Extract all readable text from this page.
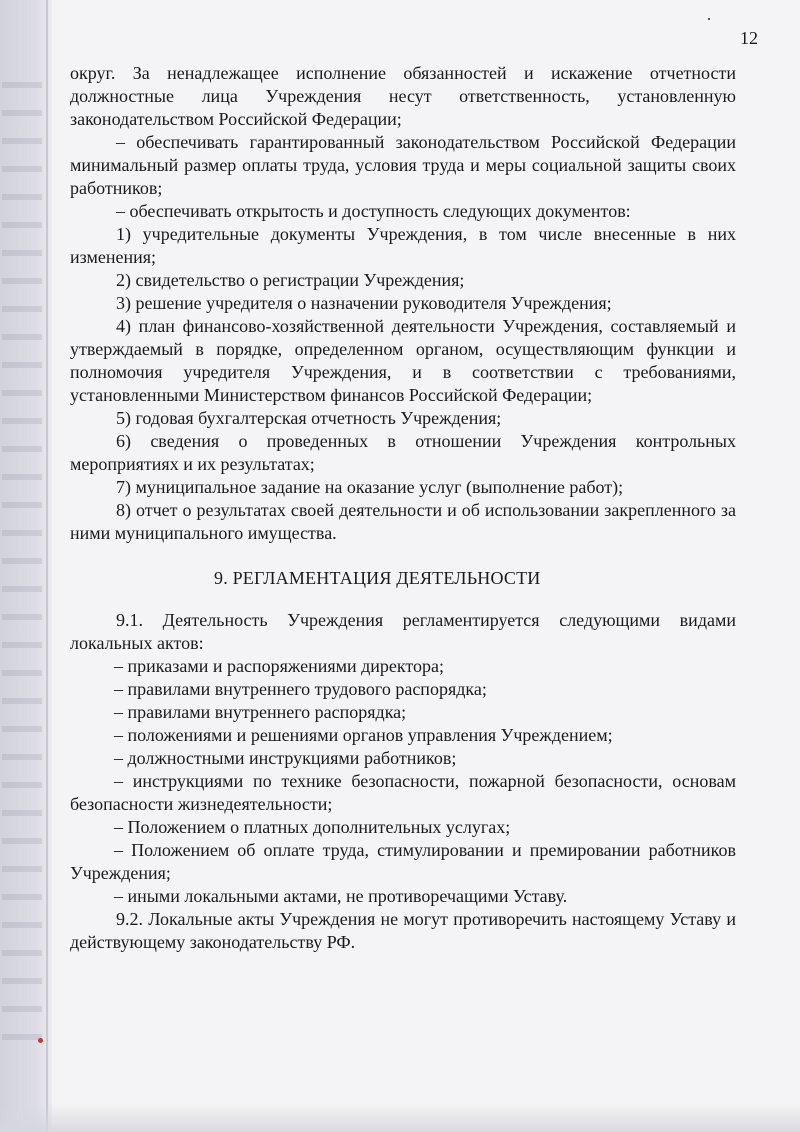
12

округ. За ненадлежащее исполнение обязанностей и искажение отчетности должностные лица Учреждения несут ответственность, установленную законодательством Российской Федерации;

– обеспечивать гарантированный законодательством Российской Федерации минимальный размер оплаты труда, условия труда и меры социальной защиты своих работников;

– обеспечивать открытость и доступность следующих документов:

1) учредительные документы Учреждения, в том числе внесенные в них изменения;

2) свидетельство о регистрации Учреждения;

3) решение учредителя о назначении руководителя Учреждения;

4) план финансово-хозяйственной деятельности Учреждения, составляемый и утверждаемый в порядке, определенном органом, осуществляющим функции и полномочия учредителя Учреждения, и в соответствии с требованиями, установленными Министерством финансов Российской Федерации;

5) годовая бухгалтерская отчетность Учреждения;

6) сведения о проведенных в отношении Учреждения контрольных мероприятиях и их результатах;

7) муниципальное задание на оказание услуг (выполнение работ);

8) отчет о результатах своей деятельности и об использовании закрепленного за ними муниципального имущества.

9. РЕГЛАМЕНТАЦИЯ ДЕЯТЕЛЬНОСТИ

9.1. Деятельность Учреждения регламентируется следующими видами локальных актов:

– приказами и распоряжениями директора;

– правилами внутреннего трудового распорядка;

– правилами внутреннего распорядка;

– положениями и решениями органов управления Учреждением;

– должностными инструкциями работников;

– инструкциями по технике безопасности, пожарной безопасности, основам безопасности жизнедеятельности;

– Положением о платных дополнительных услугах;

– Положением об оплате труда, стимулировании и премировании работников Учреждения;

– иными локальными актами, не противоречащими Уставу.

9.2. Локальные акты Учреждения не могут противоречить настоящему Уставу и действующему законодательству РФ.
